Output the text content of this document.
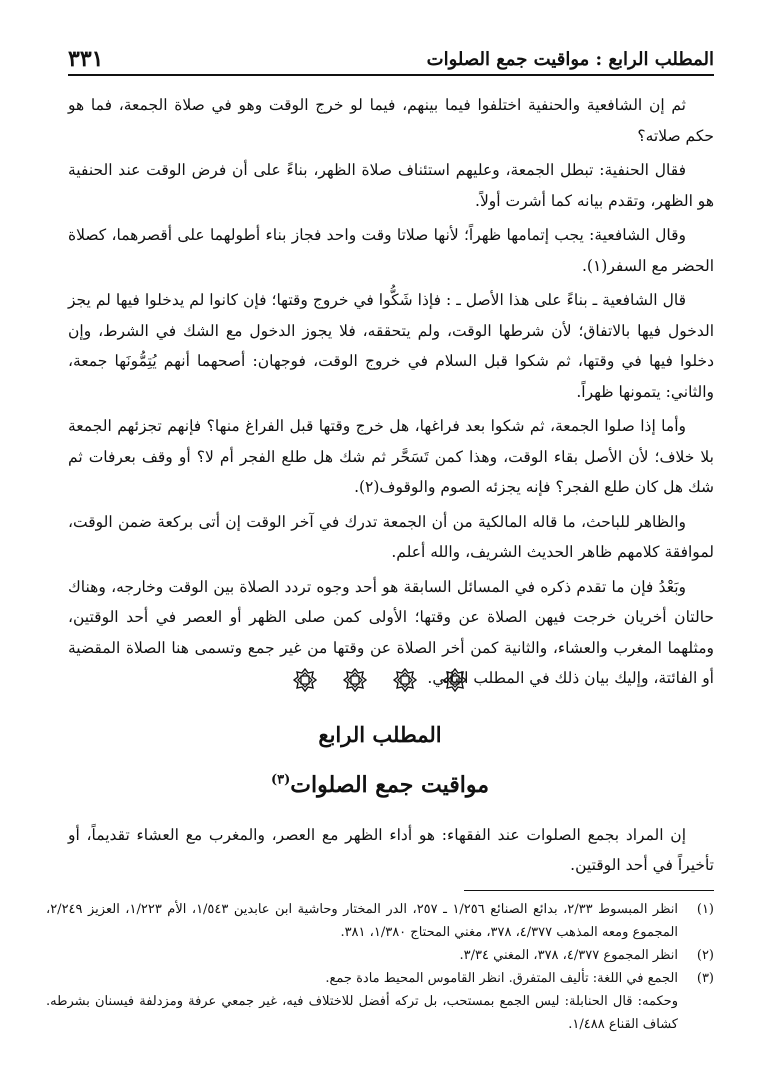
المطلب الرابع : مواقيت جمع الصلوات
٣٣١

ثم إن الشافعية والحنفية اختلفوا فيما بينهم، فيما لو خرج الوقت وهو في صلاة الجمعة، فما هو حكم صلاته؟

فقال الحنفية: تبطل الجمعة، وعليهم استئناف صلاة الظهر، بناءً على أن فرض الوقت عند الحنفية هو الظهر، وتقدم بيانه كما أشرت أولاً.

وقال الشافعية: يجب إتمامها ظهراً؛ لأنها صلاتا وقت واحد فجاز بناء أطولهما على أقصرهما، كصلاة الحضر مع السفر(١).

قال الشافعية ـ بناءً على هذا الأصل ـ : فإذا شَكُّوا في خروج وقتها؛ فإن كانوا لم يدخلوا فيها لم يجز الدخول فيها بالاتفاق؛ لأن شرطها الوقت، ولم يتحققه، فلا يجوز الدخول مع الشك في الشرط، وإن دخلوا فيها في وقتها، ثم شكوا قبل السلام في خروج الوقت، فوجهان: أصحهما أنهم يُتِمُّونَها جمعة، والثاني: يتمونها ظهراً.

وأما إذا صلوا الجمعة، ثم شكوا بعد فراغها، هل خرج وقتها قبل الفراغ منها؟ فإنهم تجزئهم الجمعة بلا خلاف؛ لأن الأصل بقاء الوقت، وهذا كمن تَسَحَّر ثم شك هل طلع الفجر أم لا؟ أو وقف بعرفات ثم شك هل كان طلع الفجر؟ فإنه يجزئه الصوم والوقوف(٢).

والظاهر للباحث، ما قاله المالكية من أن الجمعة تدرك في آخر الوقت إن أتى بركعة ضمن الوقت، لموافقة كلامهم ظاهر الحديث الشريف، والله أعلم.

وبَعْدُ فإن ما تقدم ذكره في المسائل السابقة هو أحد وجوه تردد الصلاة بين الوقت وخارجه، وهناك حالتان أخريان خرجت فيهن الصلاة عن وقتها؛ الأولى كمن صلى الظهر أو العصر في أحد الوقتين، ومثلهما المغرب والعشاء، والثانية كمن أخر الصلاة عن وقتها من غير جمع وتسمى هنا الصلاة المقضية أو الفائتة، وإليك بيان ذلك في المطلب التالي.

المطلب الرابع
مواقيت جمع الصلوات$^{(٣)}$

إن المراد بجمع الصلوات عند الفقهاء: هو أداء الظهر مع العصر، والمغرب مع العشاء تقديماً، أو تأخيراً في أحد الوقتين.

(١)
انظر المبسوط ٢/٣٣، بدائع الصنائع ١/٢٥٦ ـ ٢٥٧، الدر المختار وحاشية ابن عابدين ١/٥٤٣، الأم ١/٢٢٣، العزيز ٢/٢٤٩، المجموع ومعه المذهب ٤/٣٧٧، ٣٧٨، مغني المحتاج ١/٣٨٠، ٣٨١.
(٢)
انظر المجموع ٤/٣٧٧، ٣٧٨، المغني ٣/٣٤.
(٣)
الجمع في اللغة: تأليف المتفرق. انظر القاموس المحيط مادة جمع.
وحكمه: قال الحنابلة: ليس الجمع بمستحب، بل تركه أفضل للاختلاف فيه، غير جمعي عرفة ومزدلفة فيسنان بشرطه. كشاف القناع ١/٤٨٨.
